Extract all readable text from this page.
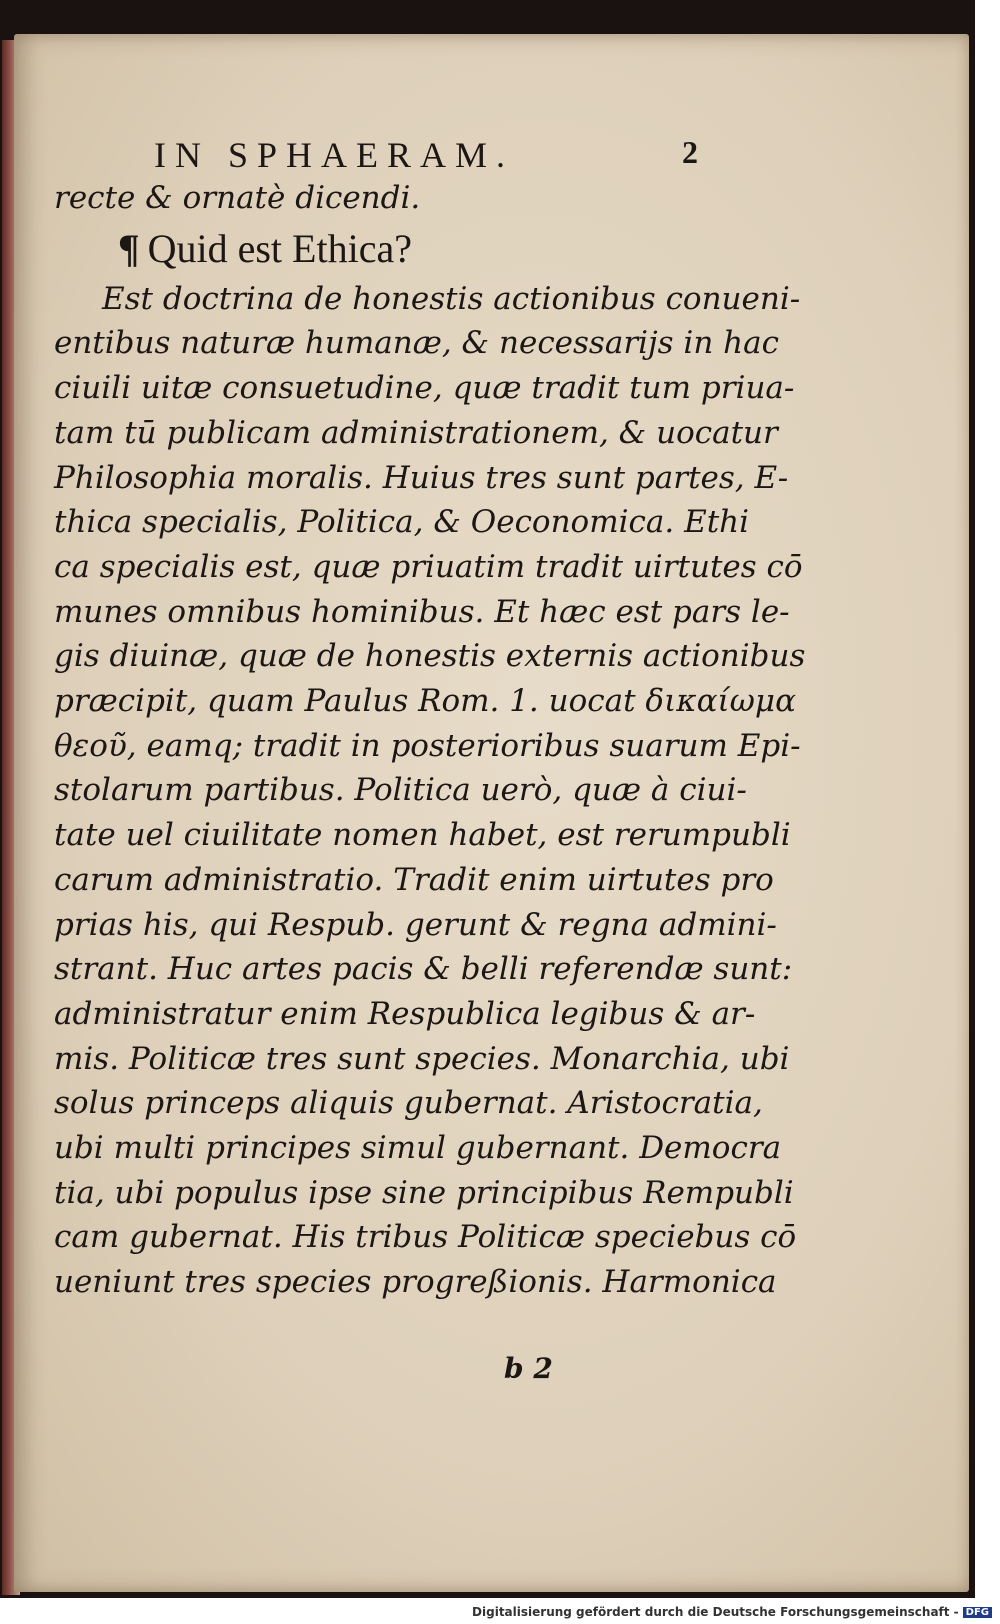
IN SPHAERAM.	2
recte & ornatè dicendi.
¶ Quid est Ethica?
Est doctrina de honestis actionibus conueni-
entibus naturæ humanæ, & necessarijs in hac
ciuili uitæ consuetudine, quæ tradit tum priua-
tam tū publicam administrationem, & uocatur
Philosophia moralis. Huius tres sunt partes, E-
thica specialis, Politica, & Oeconomica. Ethi
ca specialis est, quæ priuatim tradit uirtutes cō
munes omnibus hominibus. Et hæc est pars le-
gis diuinæ, quæ de honestis externis actionibus
præcipit, quam Paulus Rom. 1. uocat δικαίωμα
θεοῦ, eamq; tradit in posterioribus suarum Epi-
stolarum partibus. Politica uerò, quæ à ciui-
tate uel ciuilitate nomen habet, est rerumpubli
carum administratio. Tradit enim uirtutes pro
prias his, qui Respub. gerunt & regna admini-
strant. Huc artes pacis & belli referendæ sunt:
administratur enim Respublica legibus & ar-
mis. Politicæ tres sunt species. Monarchia, ubi
solus princeps aliquis gubernat. Aristocratia,
ubi multi principes simul gubernant. Democra
tia, ubi populus ipse sine principibus Rempubli
cam gubernat. His tribus Politicæ speciebus cō
ueniunt tres species progreßionis. Harmonica
b 2
Digitalisierung gefördert durch die Deutsche Forschungsgemeinschaft - DFG
